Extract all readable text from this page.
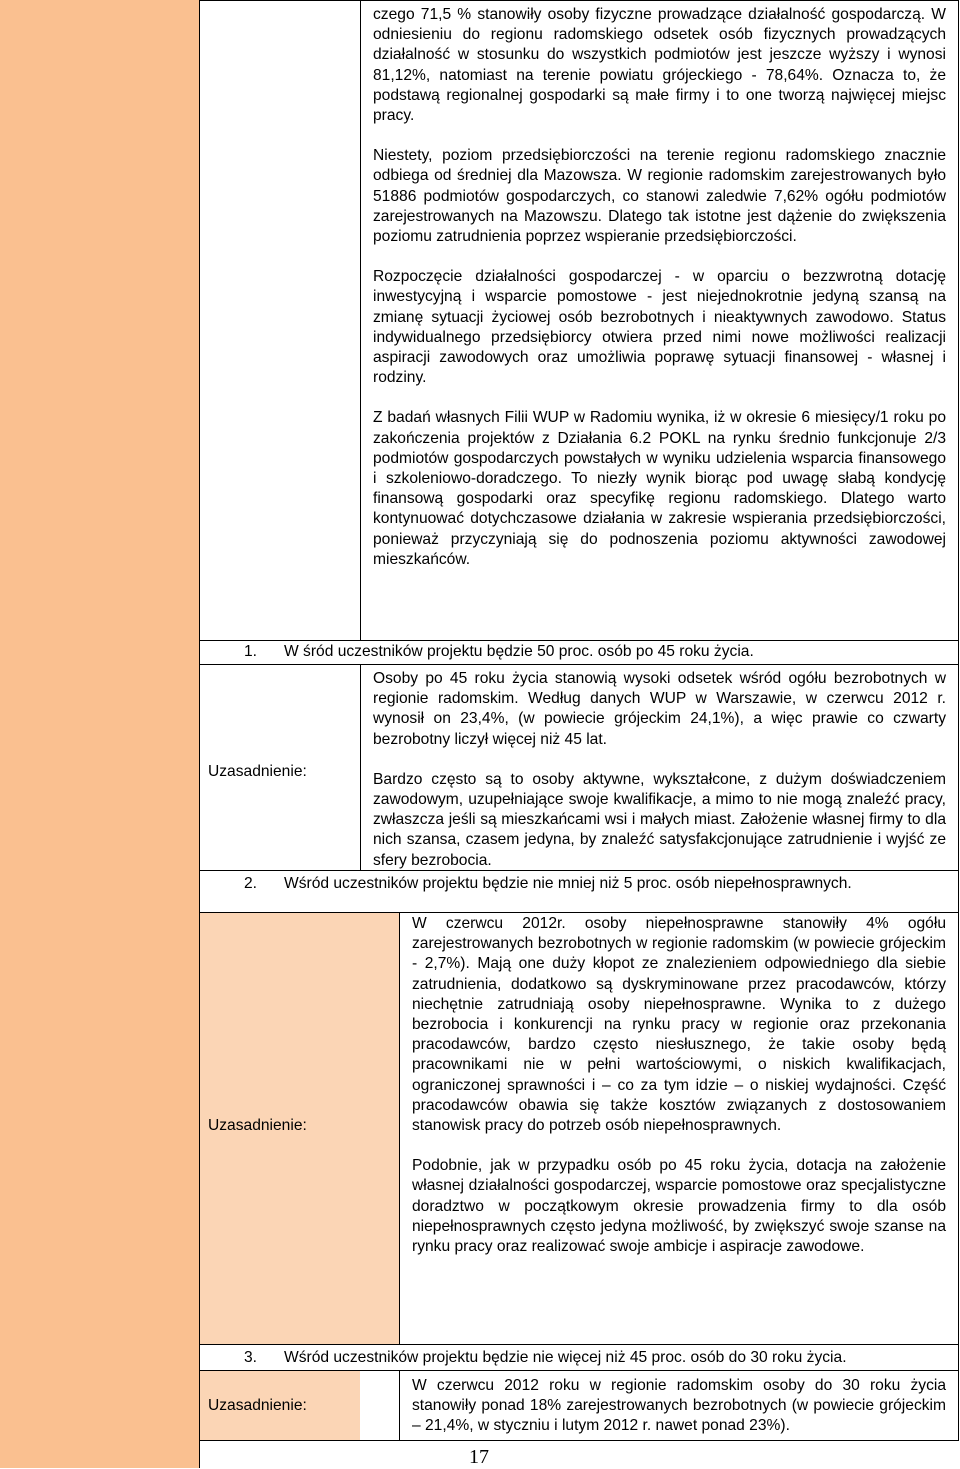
czego 71,5 % stanowiły osoby fizyczne prowadzące działalność gospodarczą. W odniesieniu do regionu radomskiego odsetek osób fizycznych prowadzących działalność w stosunku do wszystkich podmiotów jest jeszcze wyższy i wynosi 81,12%, natomiast na terenie powiatu grójeckiego - 78,64%. Oznacza to, że podstawą regionalnej gospodarki są małe firmy i to one tworzą najwięcej miejsc pracy.

Niestety, poziom przedsiębiorczości na terenie regionu radomskiego znacznie odbiega od średniej dla Mazowsza. W regionie radomskim zarejestrowanych było 51886 podmiotów gospodarczych, co stanowi zaledwie 7,62% ogółu podmiotów zarejestrowanych na Mazowszu. Dlatego tak istotne jest dążenie do zwiększenia poziomu zatrudnienia poprzez wspieranie przedsiębiorczości.

Rozpoczęcie działalności gospodarczej - w oparciu o bezzwrotną dotację inwestycyjną i wsparcie pomostowe - jest niejednokrotnie jedyną szansą na zmianę sytuacji życiowej osób bezrobotnych i nieaktywnych zawodowo. Status indywidualnego przedsiębiorcy otwiera przed nimi nowe możliwości realizacji aspiracji zawodowych oraz umożliwia poprawę sytuacji finansowej - własnej i rodziny.

Z badań własnych Filii WUP w Radomiu wynika, iż w okresie 6 miesięcy/1 roku po zakończenia projektów z Działania 6.2 POKL na rynku średnio funkcjonuje 2/3 podmiotów gospodarczych powstałych w wyniku udzielenia wsparcia finansowego i szkoleniowo-doradczego. To niezły wynik biorąc pod uwagę słabą kondycję finansową gospodarki oraz specyfikę regionu radomskiego. Dlatego warto kontynuować dotychczasowe działania w zakresie wspierania przedsiębiorczości, ponieważ przyczyniają się do podnoszenia poziomu aktywności zawodowej mieszkańców.

1. W śród uczestników projektu będzie 50 proc. osób po 45 roku życia.
Uzasadnienie:

Osoby po 45 roku życia stanowią wysoki odsetek wśród ogółu bezrobotnych w regionie radomskim. Według danych WUP w Warszawie, w czerwcu 2012 r. wynosił on 23,4%, (w powiecie grójeckim 24,1%), a więc prawie co czwarty bezrobotny liczył więcej niż 45 lat.

Bardzo często są to osoby aktywne, wykształcone, z dużym doświadczeniem zawodowym, uzupełniające swoje kwalifikacje, a mimo to nie mogą znaleźć pracy, zwłaszcza jeśli są mieszkańcami wsi i małych miast. Założenie własnej firmy to dla nich szansa, czasem jedyna, by znaleźć satysfakcjonujące zatrudnienie i wyjść ze sfery bezrobocia.

2. Wśród uczestników projektu będzie nie mniej niż 5 proc. osób niepełnosprawnych.
Uzasadnienie:

W czerwcu 2012r. osoby niepełnosprawne stanowiły 4% ogółu zarejestrowanych bezrobotnych w regionie radomskim (w powiecie grójeckim - 2,7%). Mają one duży kłopot ze znalezieniem odpowiedniego dla siebie zatrudnienia, dodatkowo są dyskryminowane przez pracodawców, którzy niechętnie zatrudniają osoby niepełnosprawne. Wynika to z dużego bezrobocia i konkurencji na rynku pracy w regionie oraz przekonania pracodawców, bardzo często niesłusznego, że takie osoby będą pracownikami nie w pełni wartościowymi, o niskich kwalifikacjach, ograniczonej sprawności i – co za tym idzie – o niskiej wydajności. Część pracodawców obawia się także kosztów związanych z dostosowaniem stanowisk pracy do potrzeb osób niepełnosprawnych.

Podobnie, jak w przypadku osób po 45 roku życia, dotacja na założenie własnej działalności gospodarczej, wsparcie pomostowe oraz specjalistyczne doradztwo w początkowym okresie prowadzenia firmy to dla osób niepełnosprawnych często jedyna możliwość, by zwiększyć swoje szanse na rynku pracy oraz realizować swoje ambicje i aspiracje zawodowe.

3. Wśród uczestników projektu będzie nie więcej niż 45 proc. osób do 30 roku życia.
Uzasadnienie:

W czerwcu 2012 roku w regionie radomskim osoby do 30 roku życia stanowiły ponad 18% zarejestrowanych bezrobotnych (w powiecie grójeckim – 21,4%, w styczniu i lutym 2012 r. nawet ponad 23%).

17
